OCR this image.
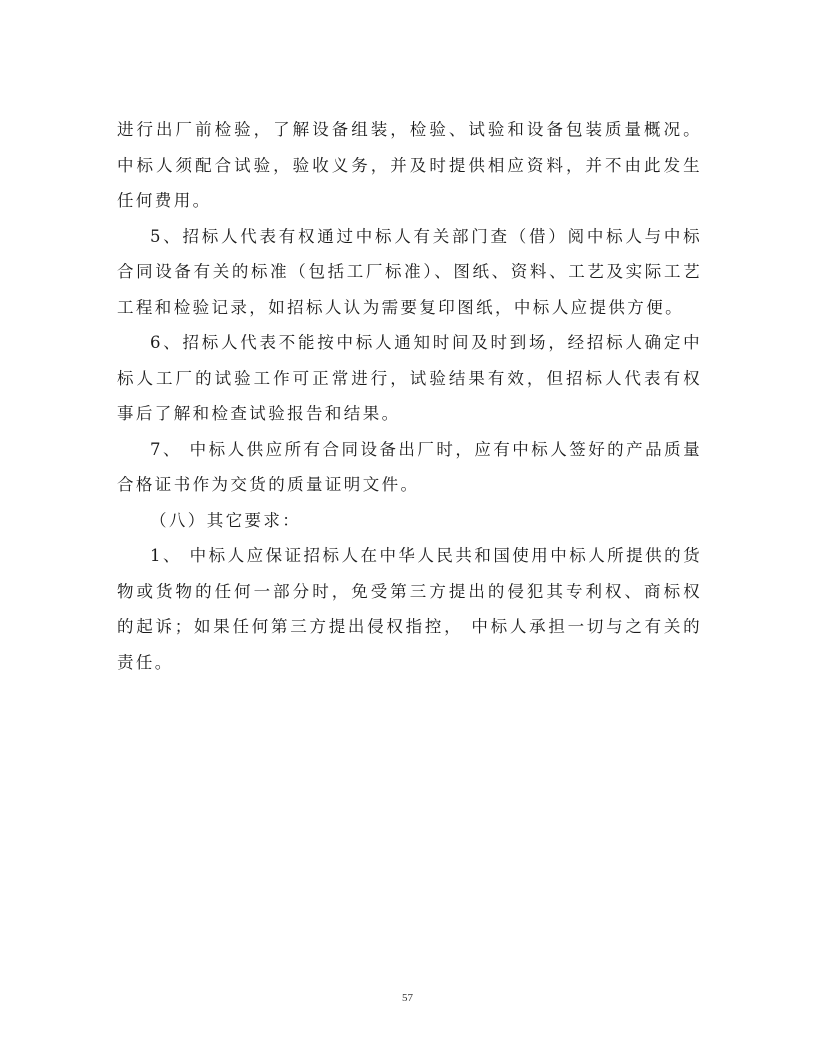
进行出厂前检验，了解设备组装，检验、试验和设备包装质量概况。中标人须配合试验，验收义务，并及时提供相应资料，并不由此发生任何费用。

5、招标人代表有权通过中标人有关部门查（借）阅中标人与中标合同设备有关的标准（包括工厂标准）、图纸、资料、工艺及实际工艺工程和检验记录，如招标人认为需要复印图纸，中标人应提供方便。

6、招标人代表不能按中标人通知时间及时到场，经招标人确定中标人工厂的试验工作可正常进行，试验结果有效，但招标人代表有权事后了解和检查试验报告和结果。

7、 中标人供应所有合同设备出厂时，应有中标人签好的产品质量合格证书作为交货的质量证明文件。

（八）其它要求：

1、 中标人应保证招标人在中华人民共和国使用中标人所提供的货物或货物的任何一部分时，免受第三方提出的侵犯其专利权、商标权的起诉；如果任何第三方提出侵权指控， 中标人承担一切与之有关的责任。

57
